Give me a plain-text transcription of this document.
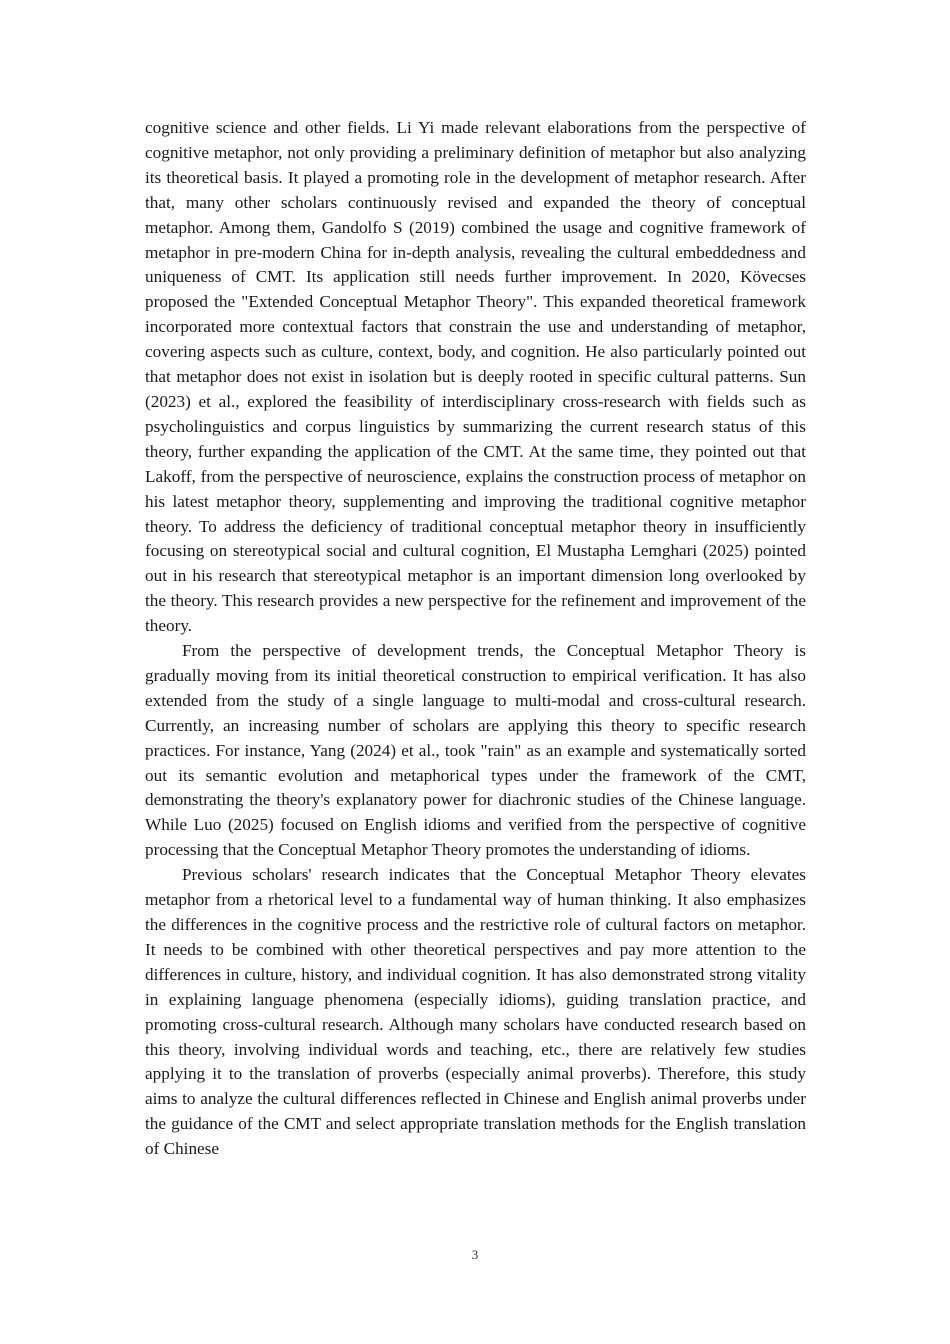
cognitive science and other fields. Li Yi made relevant elaborations from the perspective of cognitive metaphor, not only providing a preliminary definition of metaphor but also analyzing its theoretical basis. It played a promoting role in the development of metaphor research. After that, many other scholars continuously revised and expanded the theory of conceptual metaphor. Among them, Gandolfo S (2019) combined the usage and cognitive framework of metaphor in pre-modern China for in-depth analysis, revealing the cultural embeddedness and uniqueness of CMT. Its application still needs further improvement. In 2020, Kövecses proposed the "Extended Conceptual Metaphor Theory". This expanded theoretical framework incorporated more contextual factors that constrain the use and understanding of metaphor, covering aspects such as culture, context, body, and cognition. He also particularly pointed out that metaphor does not exist in isolation but is deeply rooted in specific cultural patterns. Sun (2023) et al., explored the feasibility of interdisciplinary cross-research with fields such as psycholinguistics and corpus linguistics by summarizing the current research status of this theory, further expanding the application of the CMT. At the same time, they pointed out that Lakoff, from the perspective of neuroscience, explains the construction process of metaphor on his latest metaphor theory, supplementing and improving the traditional cognitive metaphor theory. To address the deficiency of traditional conceptual metaphor theory in insufficiently focusing on stereotypical social and cultural cognition, El Mustapha Lemghari (2025) pointed out in his research that stereotypical metaphor is an important dimension long overlooked by the theory. This research provides a new perspective for the refinement and improvement of the theory.

From the perspective of development trends, the Conceptual Metaphor Theory is gradually moving from its initial theoretical construction to empirical verification. It has also extended from the study of a single language to multi-modal and cross-cultural research. Currently, an increasing number of scholars are applying this theory to specific research practices. For instance, Yang (2024) et al., took "rain" as an example and systematically sorted out its semantic evolution and metaphorical types under the framework of the CMT, demonstrating the theory's explanatory power for diachronic studies of the Chinese language. While Luo (2025) focused on English idioms and verified from the perspective of cognitive processing that the Conceptual Metaphor Theory promotes the understanding of idioms.

Previous scholars' research indicates that the Conceptual Metaphor Theory elevates metaphor from a rhetorical level to a fundamental way of human thinking. It also emphasizes the differences in the cognitive process and the restrictive role of cultural factors on metaphor. It needs to be combined with other theoretical perspectives and pay more attention to the differences in culture, history, and individual cognition. It has also demonstrated strong vitality in explaining language phenomena (especially idioms), guiding translation practice, and promoting cross-cultural research. Although many scholars have conducted research based on this theory, involving individual words and teaching, etc., there are relatively few studies applying it to the translation of proverbs (especially animal proverbs). Therefore, this study aims to analyze the cultural differences reflected in Chinese and English animal proverbs under the guidance of the CMT and select appropriate translation methods for the English translation of Chinese

3
